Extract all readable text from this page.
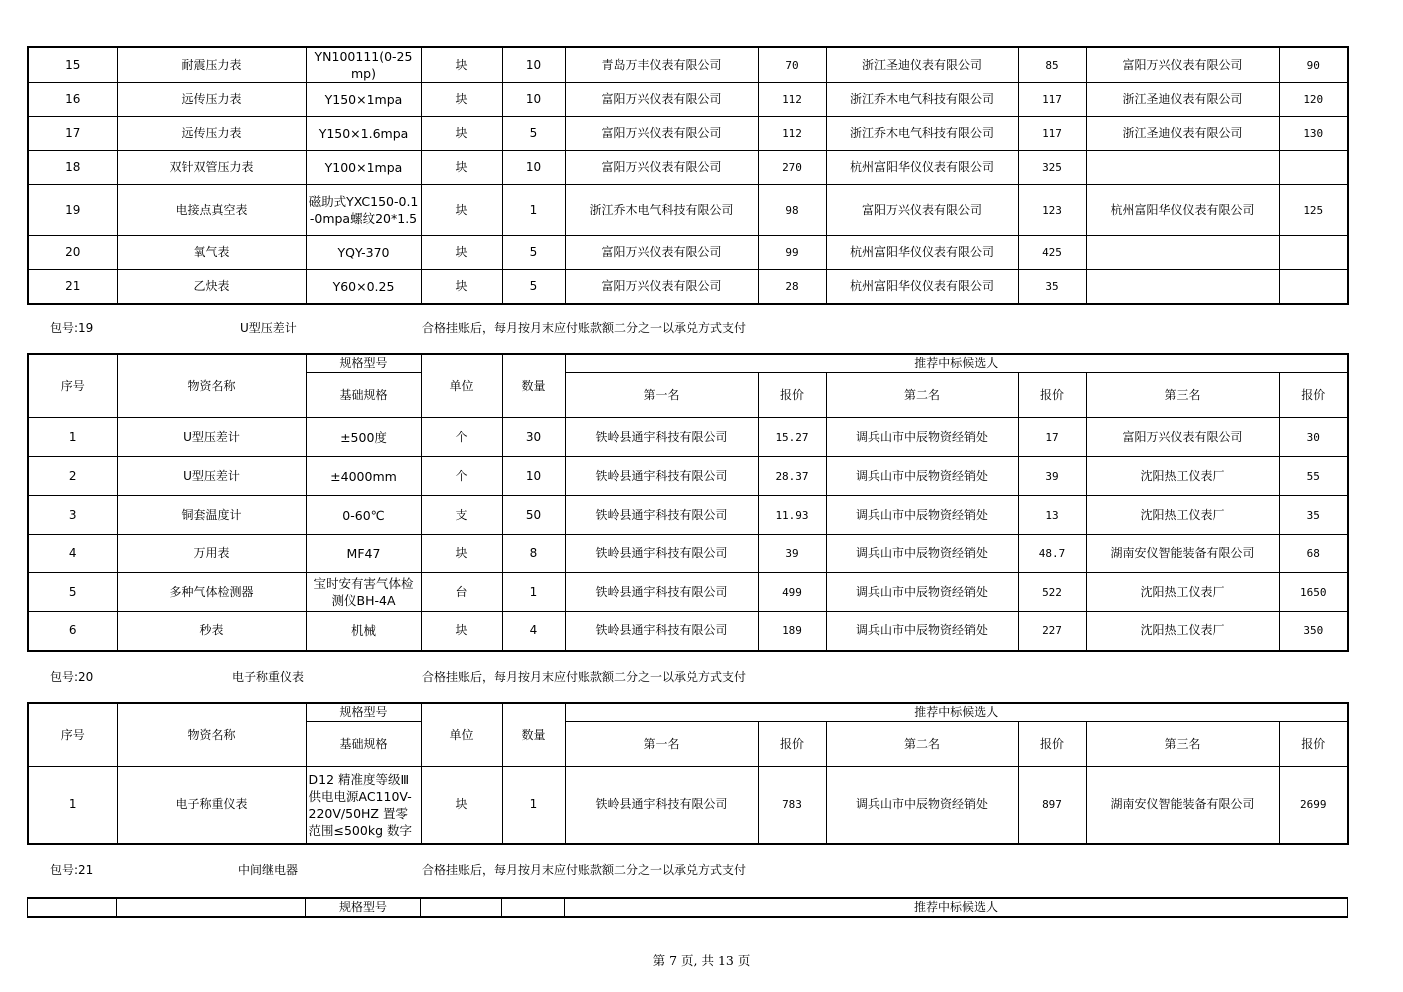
15	耐震压力表	YN100111(0-25mp)	块	10	青岛万丰仪表有限公司	70	浙江圣迪仪表有限公司	85	富阳万兴仪表有限公司	90
16	远传压力表	Y150×1mpa	块	10	富阳万兴仪表有限公司	112	浙江乔木电气科技有限公司	117	浙江圣迪仪表有限公司	120
17	远传压力表	Y150×1.6mpa	块	5	富阳万兴仪表有限公司	112	浙江乔木电气科技有限公司	117	浙江圣迪仪表有限公司	130
18	双针双管压力表	Y100×1mpa	块	10	富阳万兴仪表有限公司	270	杭州富阳华仪仪表有限公司	325		
19	电接点真空表	磁助式YXC150-0.1-0mpa螺纹20*1.5	块	1	浙江乔木电气科技有限公司	98	富阳万兴仪表有限公司	123	杭州富阳华仪仪表有限公司	125
20	氧气表	YQY-370	块	5	富阳万兴仪表有限公司	99	杭州富阳华仪仪表有限公司	425		
21	乙炔表	Y60×0.25	块	5	富阳万兴仪表有限公司	28	杭州富阳华仪仪表有限公司	35		
包号:19	U型压差计	合格挂账后，每月按月末应付账款额二分之一以承兑方式支付
序号	物资名称	规格型号	单位	数量	推荐中标候选人					
		基础规格			第一名	报价	第二名	报价	第三名	报价
1	U型压差计	±500度	个	30	铁岭县通宇科技有限公司	15.27	调兵山市中辰物资经销处	17	富阳万兴仪表有限公司	30
2	U型压差计	±4000mm	个	10	铁岭县通宇科技有限公司	28.37	调兵山市中辰物资经销处	39	沈阳热工仪表厂	55
3	铜套温度计	0-60℃	支	50	铁岭县通宇科技有限公司	11.93	调兵山市中辰物资经销处	13	沈阳热工仪表厂	35
4	万用表	MF47	块	8	铁岭县通宇科技有限公司	39	调兵山市中辰物资经销处	48.7	湖南安仪智能装备有限公司	68
5	多种气体检测器	宝时安有害气体检测仪BH-4A	台	1	铁岭县通宇科技有限公司	499	调兵山市中辰物资经销处	522	沈阳热工仪表厂	1650
6	秒表	机械	块	4	铁岭县通宇科技有限公司	189	调兵山市中辰物资经销处	227	沈阳热工仪表厂	350
包号:20	电子称重仪表	合格挂账后，每月按月末应付账款额二分之一以承兑方式支付
序号	物资名称	规格型号	单位	数量	推荐中标候选人					
		基础规格			第一名	报价	第二名	报价	第三名	报价
1	电子称重仪表	D12 精准度等级Ⅲ 供电电源AC110V-220V/50HZ 置零范围≤500kg 数字	块	1	铁岭县通宇科技有限公司	783	调兵山市中辰物资经销处	897	湖南安仪智能装备有限公司	2699
包号:21	中间继电器	合格挂账后，每月按月末应付账款额二分之一以承兑方式支付
		规格型号			推荐中标候选人
第 7 页, 共 13 页
